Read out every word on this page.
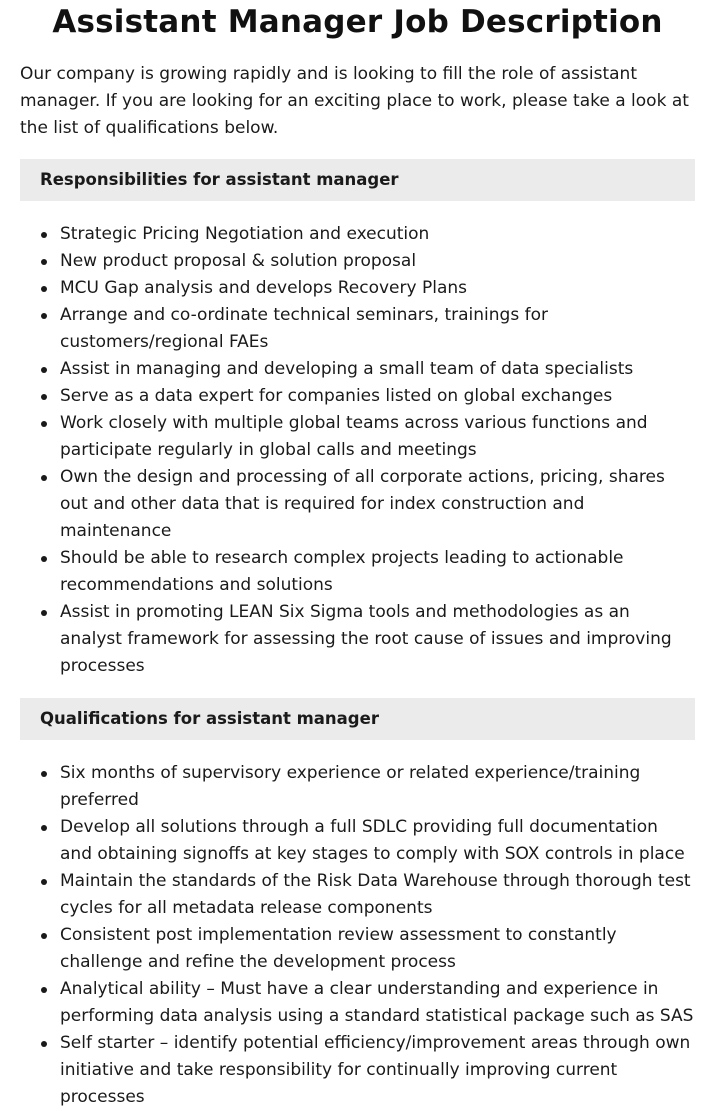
Assistant Manager Job Description

Our company is growing rapidly and is looking to fill the role of assistant manager. If you are looking for an exciting place to work, please take a look at the list of qualifications below.

Responsibilities for assistant manager
Strategic Pricing Negotiation and execution
New product proposal & solution proposal
MCU Gap analysis and develops Recovery Plans
Arrange and co-ordinate technical seminars, trainings for customers/regional FAEs
Assist in managing and developing a small team of data specialists
Serve as a data expert for companies listed on global exchanges
Work closely with multiple global teams across various functions and participate regularly in global calls and meetings
Own the design and processing of all corporate actions, pricing, shares out and other data that is required for index construction and maintenance
Should be able to research complex projects leading to actionable recommendations and solutions
Assist in promoting LEAN Six Sigma tools and methodologies as an analyst framework for assessing the root cause of issues and improving processes
Qualifications for assistant manager
Six months of supervisory experience or related experience/training preferred
Develop all solutions through a full SDLC providing full documentation and obtaining signoffs at key stages to comply with SOX controls in place
Maintain the standards of the Risk Data Warehouse through thorough test cycles for all metadata release components
Consistent post implementation review assessment to constantly challenge and refine the development process
Analytical ability – Must have a clear understanding and experience in performing data analysis using a standard statistical package such as SAS
Self starter – identify potential efficiency/improvement areas through own initiative and take responsibility for continually improving current processes
